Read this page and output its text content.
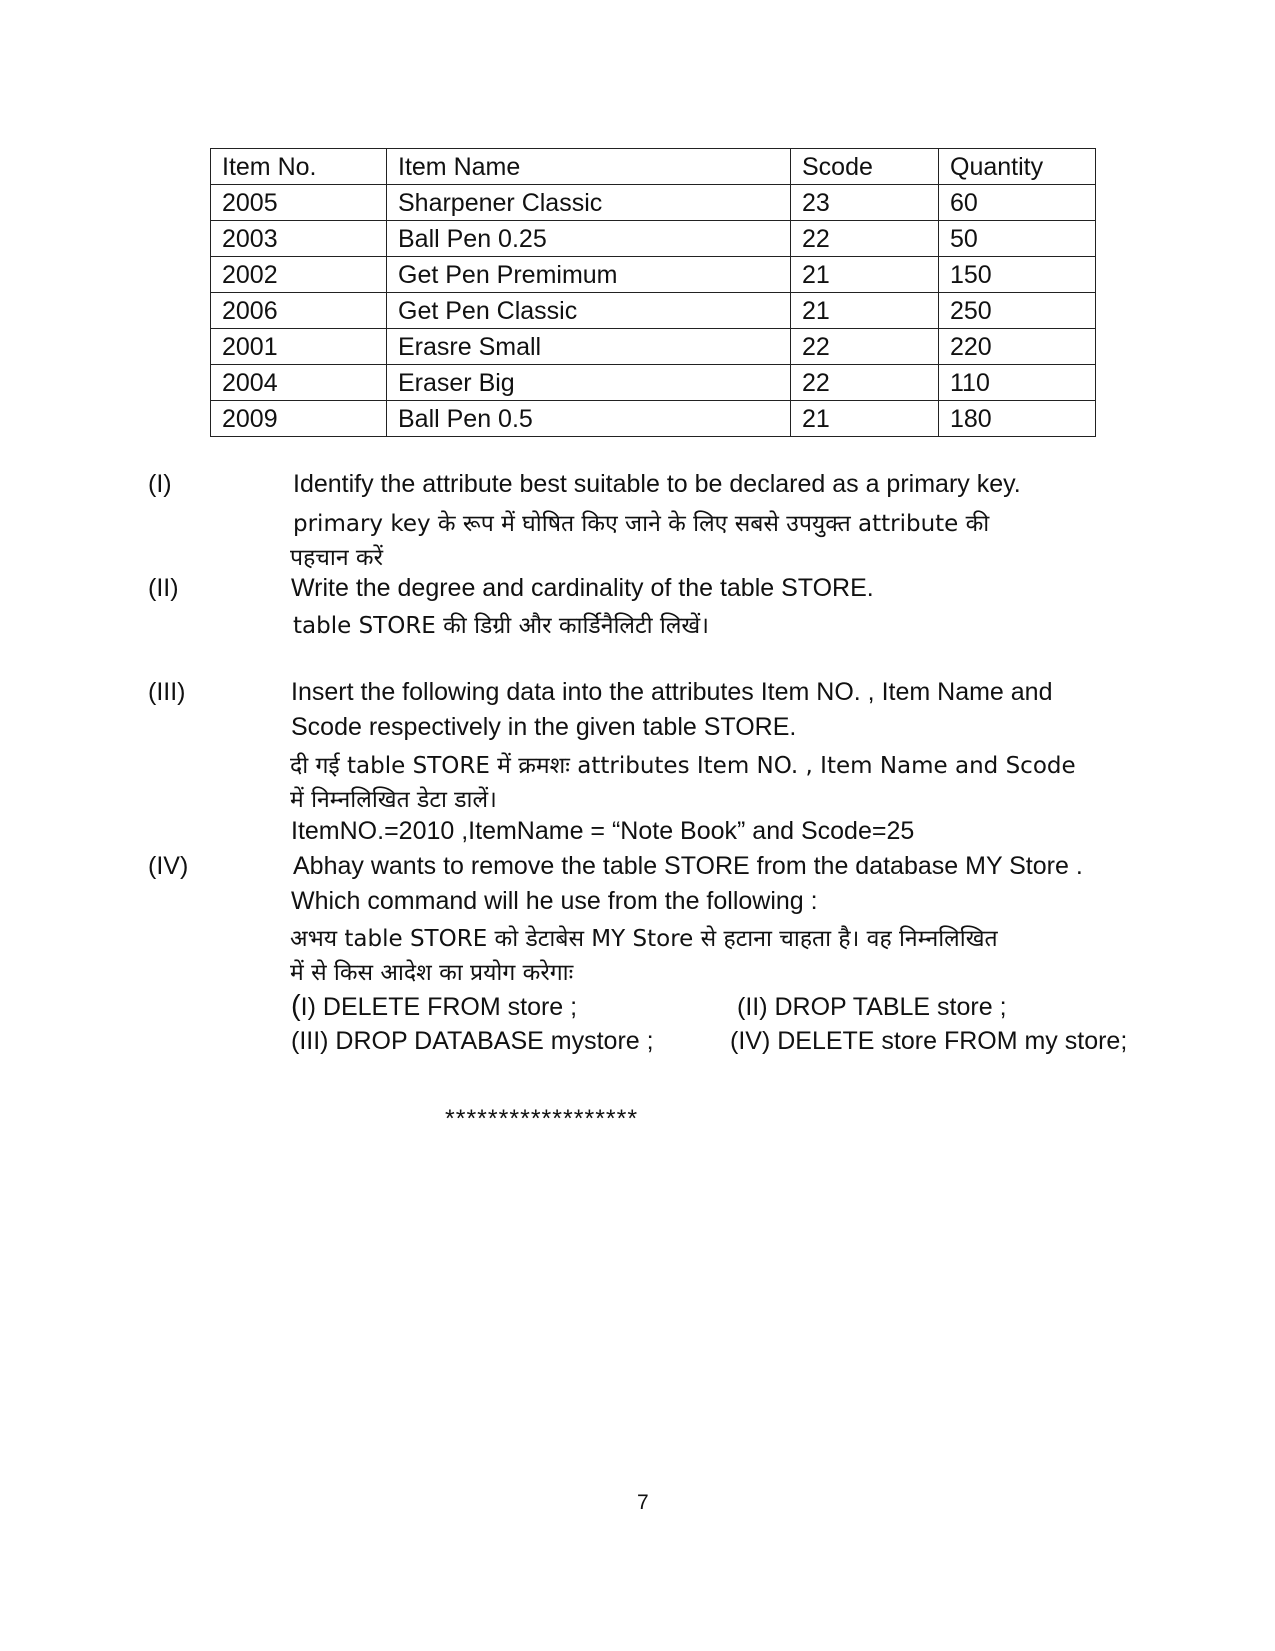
Item No.	Item Name	Scode	Quantity
2005	Sharpener Classic	23	60
2003	Ball Pen 0.25	22	50
2002	Get Pen Premimum	21	150
2006	Get Pen Classic	21	250
2001	Erasre Small	22	220
2004	Eraser Big	22	110
2009	Ball Pen 0.5	21	180
(I)	Identify the attribute best suitable to be declared as a primary key.
primary key के रूप में घोषित किए जाने के लिए सबसे उपयुक्त attribute की
पहचान करें
(II)	Write the degree and cardinality of the table STORE.
table STORE की डिग्री और कार्डिनैलिटी लिखें।
(III)	Insert the following data into the attributes Item NO. , Item Name and
Scode respectively in the given table STORE.
दी गई table STORE में क्रमशः attributes Item NO. , Item Name and Scode
में निम्नलिखित डेटा डालें।
ItemNO.=2010 ,ItemName = “Note Book” and Scode=25
(IV)	Abhay wants to remove the table STORE from the database MY Store .
Which command will he use from the following :
अभय table STORE को डेटाबेस MY Store से हटाना चाहता है। वह निम्नलिखित
में से किस आदेश का प्रयोग करेगाः
(I) DELETE FROM store ;	(II) DROP TABLE store ;
(III) DROP DATABASE mystore ;	(IV) DELETE store FROM my store;
******************
7
